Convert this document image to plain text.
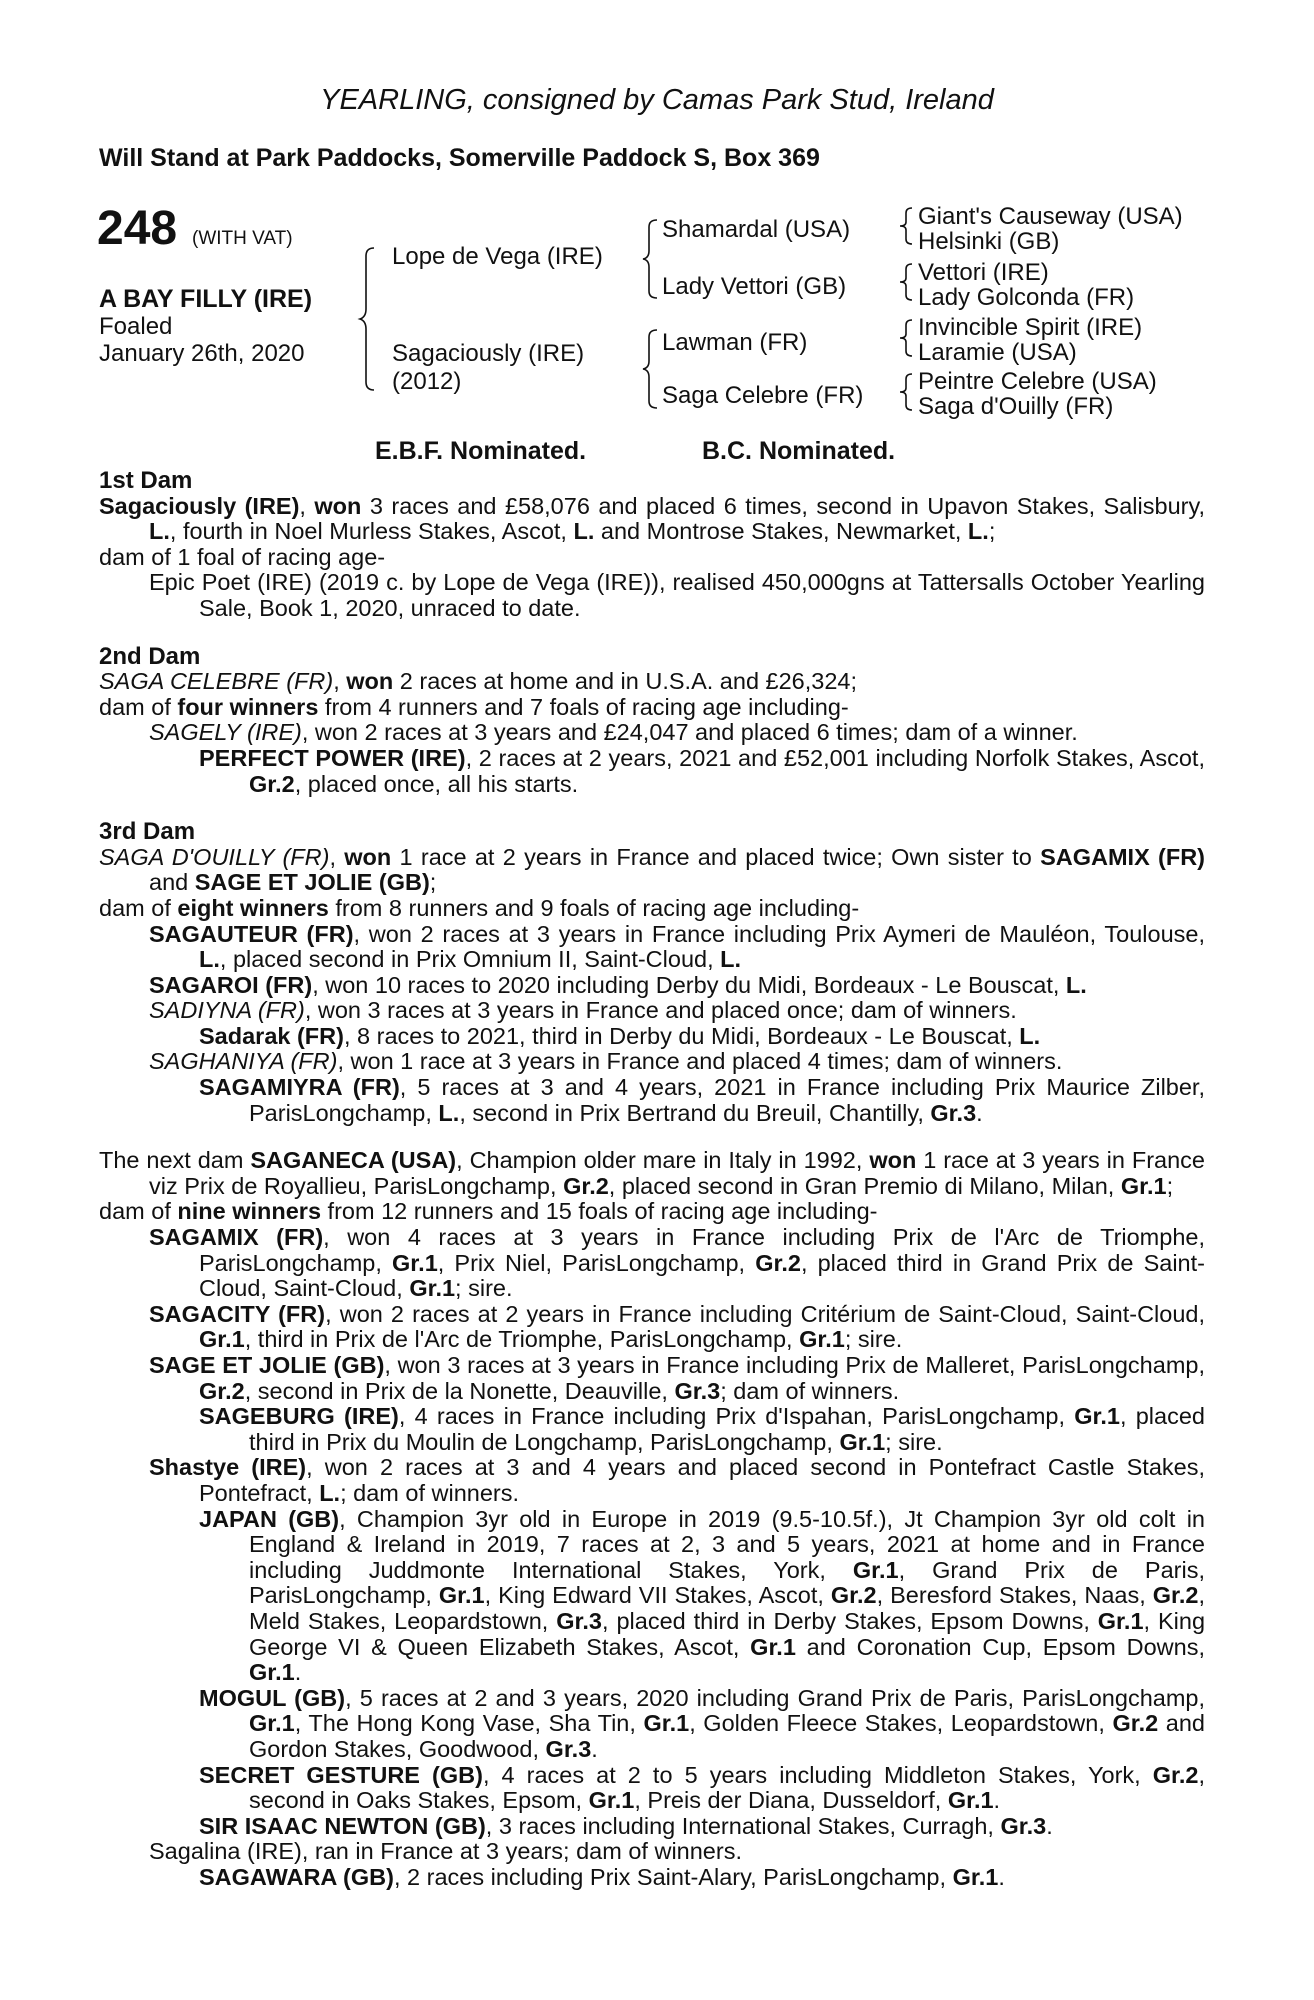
YEARLING, consigned by Camas Park Stud, Ireland
Will Stand at Park Paddocks, Somerville Paddock S, Box 369
248 (WITH VAT)
A BAY FILLY (IRE)
Foaled
January 26th, 2020
Lope de Vega (IRE)
Sagaciously (IRE)
(2012)
Shamardal (USA)
Lady Vettori (GB)
Lawman (FR)
Saga Celebre (FR)
Giant's Causeway (USA)
Helsinki (GB)
Vettori (IRE)
Lady Golconda (FR)
Invincible Spirit (IRE)
Laramie (USA)
Peintre Celebre (USA)
Saga d'Ouilly (FR)
E.B.F. Nominated.	B.C. Nominated.
1st Dam
Sagaciously (IRE), won 3 races and £58,076 and placed 6 times, second in Upavon Stakes, Salisbury, L., fourth in Noel Murless Stakes, Ascot, L. and Montrose Stakes, Newmarket, L.;
dam of 1 foal of racing age-
Epic Poet (IRE) (2019 c. by Lope de Vega (IRE)), realised 450,000gns at Tattersalls October Yearling Sale, Book 1, 2020, unraced to date.
2nd Dam
SAGA CELEBRE (FR), won 2 races at home and in U.S.A. and £26,324;
dam of four winners from 4 runners and 7 foals of racing age including-
SAGELY (IRE), won 2 races at 3 years and £24,047 and placed 6 times; dam of a winner.
PERFECT POWER (IRE), 2 races at 2 years, 2021 and £52,001 including Norfolk Stakes, Ascot, Gr.2, placed once, all his starts.
3rd Dam
SAGA D'OUILLY (FR), won 1 race at 2 years in France and placed twice; Own sister to SAGAMIX (FR) and SAGE ET JOLIE (GB);
dam of eight winners from 8 runners and 9 foals of racing age including-
SAGAUTEUR (FR), won 2 races at 3 years in France including Prix Aymeri de Mauléon, Toulouse, L., placed second in Prix Omnium II, Saint-Cloud, L.
SAGAROI (FR), won 10 races to 2020 including Derby du Midi, Bordeaux - Le Bouscat, L.
SADIYNA (FR), won 3 races at 3 years in France and placed once; dam of winners.
Sadarak (FR), 8 races to 2021, third in Derby du Midi, Bordeaux - Le Bouscat, L.
SAGHANIYA (FR), won 1 race at 3 years in France and placed 4 times; dam of winners.
SAGAMIYRA (FR), 5 races at 3 and 4 years, 2021 in France including Prix Maurice Zilber, ParisLongchamp, L., second in Prix Bertrand du Breuil, Chantilly, Gr.3.
The next dam SAGANECA (USA), Champion older mare in Italy in 1992, won 1 race at 3 years in France viz Prix de Royallieu, ParisLongchamp, Gr.2, placed second in Gran Premio di Milano, Milan, Gr.1;
dam of nine winners from 12 runners and 15 foals of racing age including-
SAGAMIX (FR), won 4 races at 3 years in France including Prix de l'Arc de Triomphe, ParisLongchamp, Gr.1, Prix Niel, ParisLongchamp, Gr.2, placed third in Grand Prix de Saint-Cloud, Saint-Cloud, Gr.1; sire.
SAGACITY (FR), won 2 races at 2 years in France including Critérium de Saint-Cloud, Saint-Cloud, Gr.1, third in Prix de l'Arc de Triomphe, ParisLongchamp, Gr.1; sire.
SAGE ET JOLIE (GB), won 3 races at 3 years in France including Prix de Malleret, ParisLongchamp, Gr.2, second in Prix de la Nonette, Deauville, Gr.3; dam of winners.
SAGEBURG (IRE), 4 races in France including Prix d'Ispahan, ParisLongchamp, Gr.1, placed third in Prix du Moulin de Longchamp, ParisLongchamp, Gr.1; sire.
Shastye (IRE), won 2 races at 3 and 4 years and placed second in Pontefract Castle Stakes, Pontefract, L.; dam of winners.
JAPAN (GB), Champion 3yr old in Europe in 2019 (9.5-10.5f.), Jt Champion 3yr old colt in England & Ireland in 2019, 7 races at 2, 3 and 5 years, 2021 at home and in France including Juddmonte International Stakes, York, Gr.1, Grand Prix de Paris, ParisLongchamp, Gr.1, King Edward VII Stakes, Ascot, Gr.2, Beresford Stakes, Naas, Gr.2, Meld Stakes, Leopardstown, Gr.3, placed third in Derby Stakes, Epsom Downs, Gr.1, King George VI & Queen Elizabeth Stakes, Ascot, Gr.1 and Coronation Cup, Epsom Downs, Gr.1.
MOGUL (GB), 5 races at 2 and 3 years, 2020 including Grand Prix de Paris, ParisLongchamp, Gr.1, The Hong Kong Vase, Sha Tin, Gr.1, Golden Fleece Stakes, Leopardstown, Gr.2 and Gordon Stakes, Goodwood, Gr.3.
SECRET GESTURE (GB), 4 races at 2 to 5 years including Middleton Stakes, York, Gr.2, second in Oaks Stakes, Epsom, Gr.1, Preis der Diana, Dusseldorf, Gr.1.
SIR ISAAC NEWTON (GB), 3 races including International Stakes, Curragh, Gr.3.
Sagalina (IRE), ran in France at 3 years; dam of winners.
SAGAWARA (GB), 2 races including Prix Saint-Alary, ParisLongchamp, Gr.1.
